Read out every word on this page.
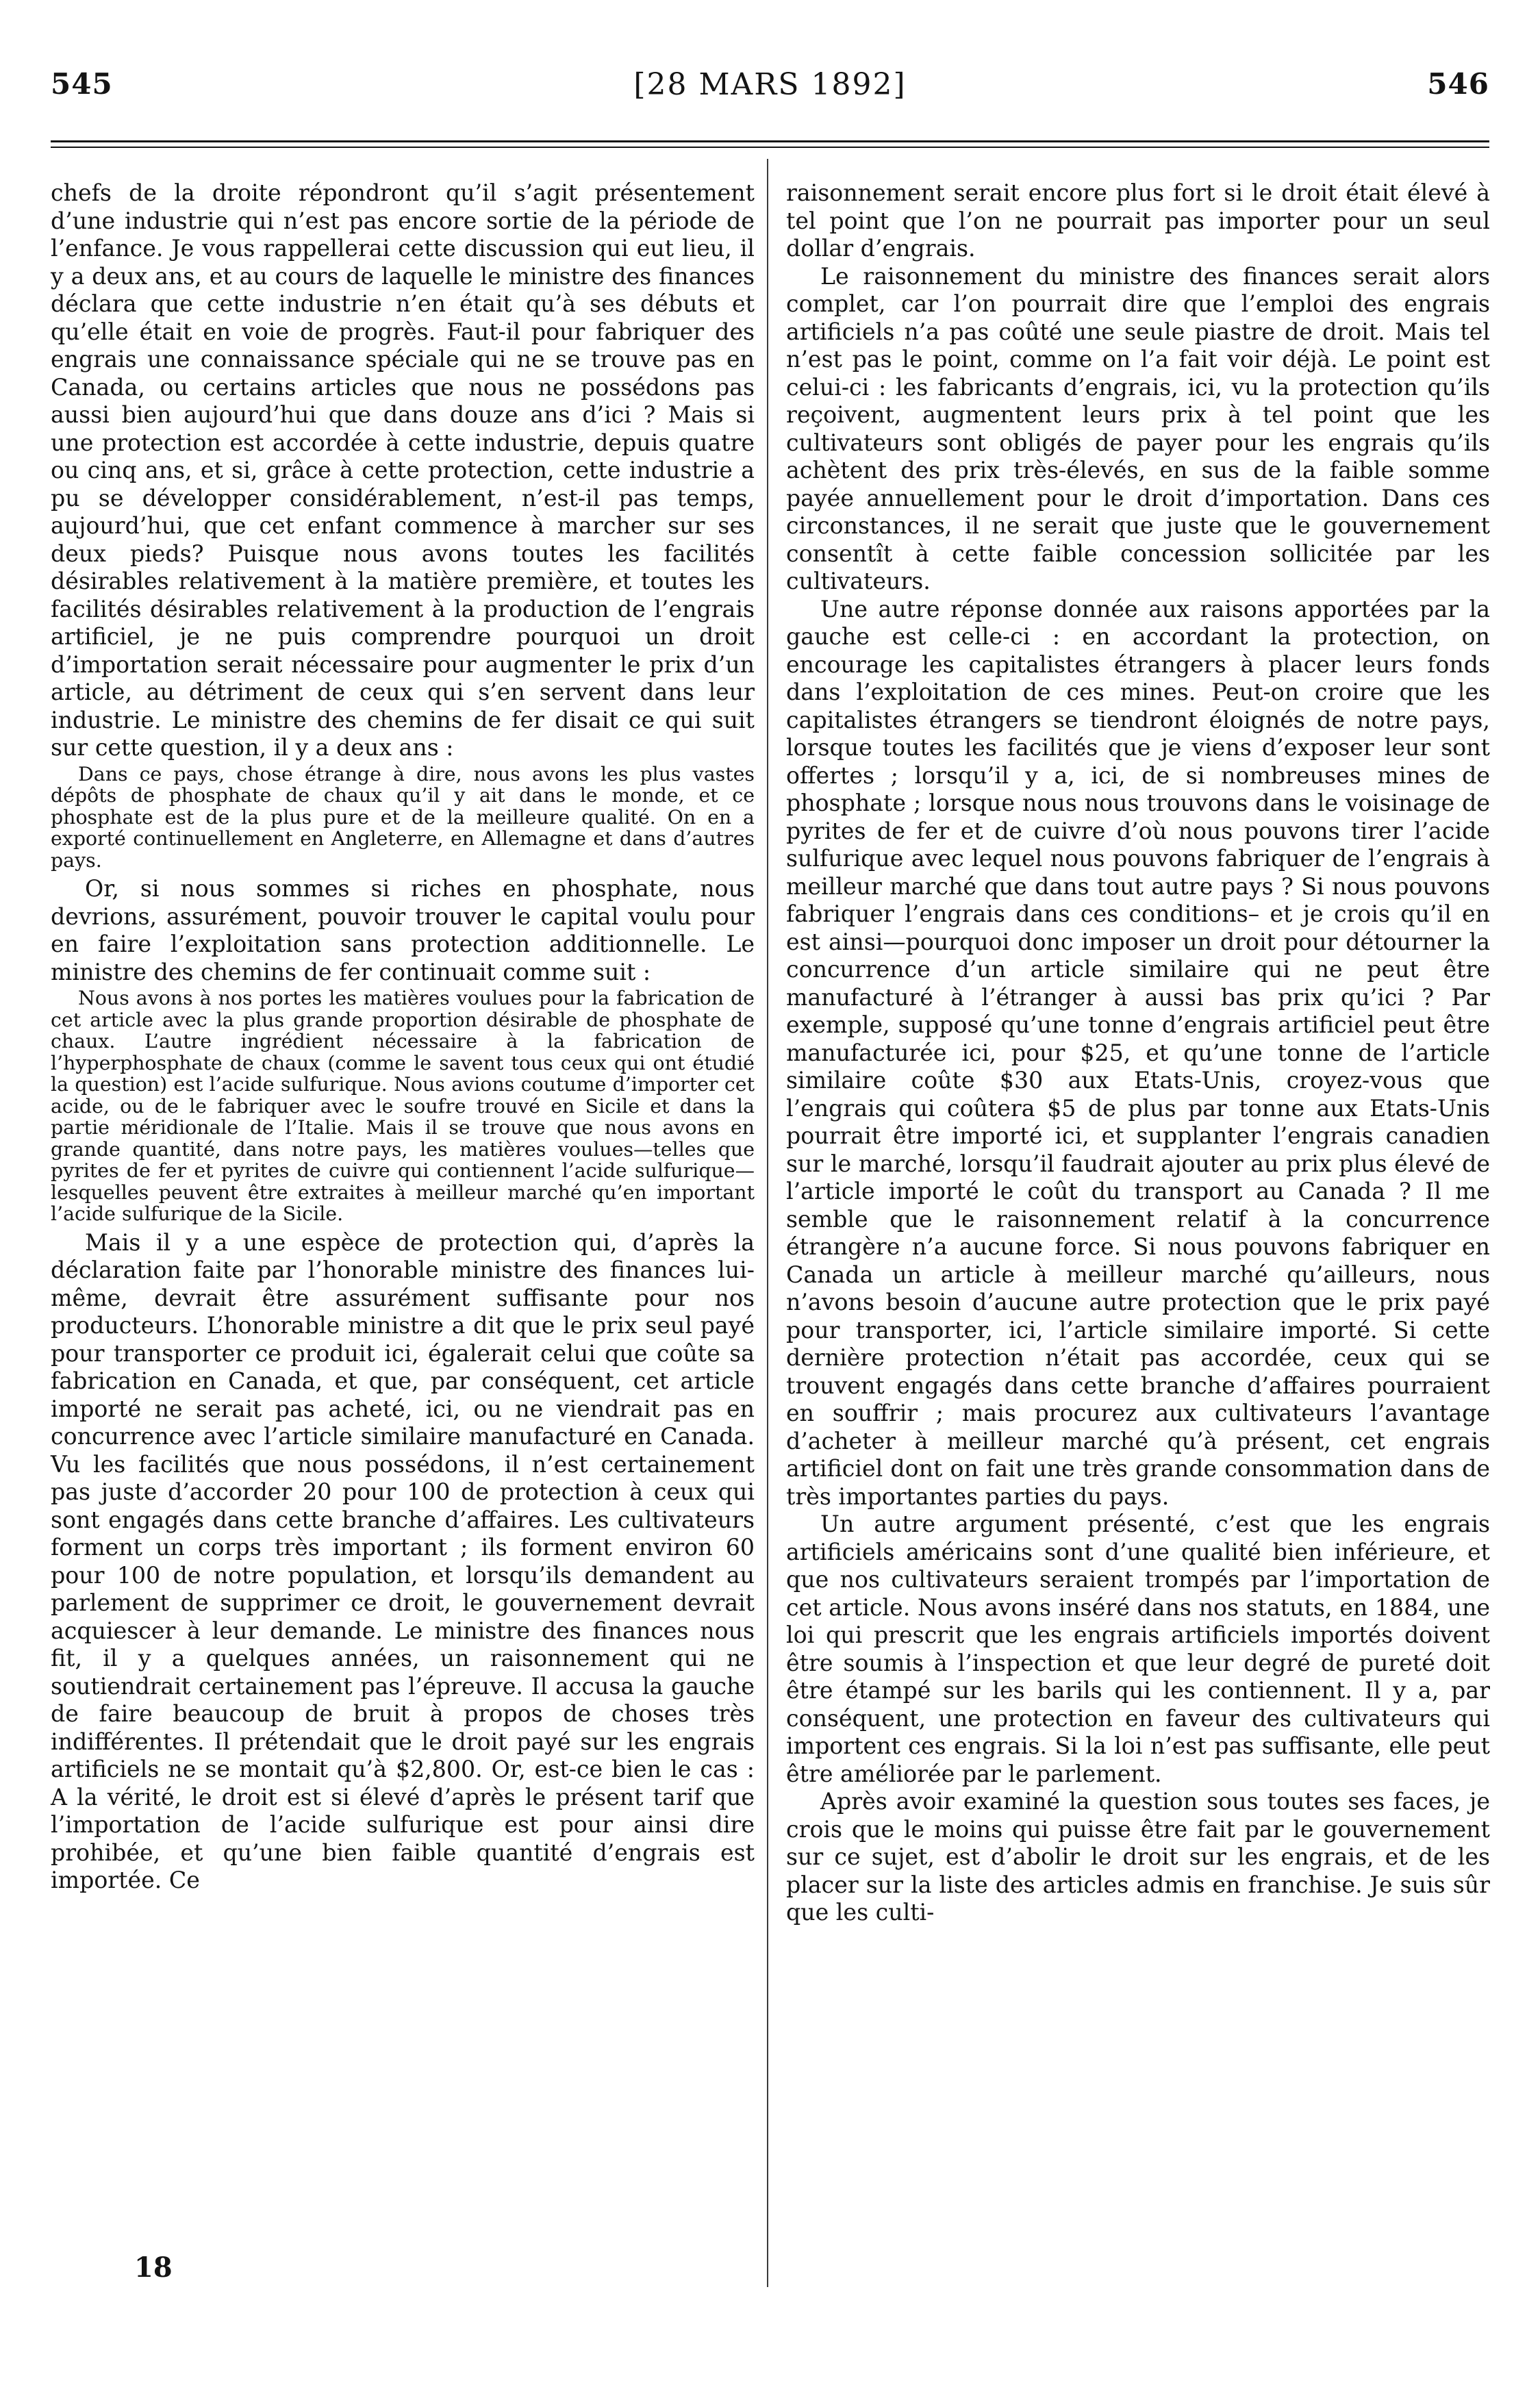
545	[28 MARS 1892]	546

chefs de la droite répondront qu’il s’agit présentement d’une industrie qui n’est pas encore sortie de la période de l’enfance. Je vous rappellerai cette discussion qui eut lieu, il y a deux ans, et au cours de laquelle le ministre des finances déclara que cette industrie n’en était qu’à ses débuts et qu’elle était en voie de progrès. Faut-il pour fabriquer des engrais une connaissance spéciale qui ne se trouve pas en Canada, ou certains articles que nous ne possédons pas aussi bien aujourd’hui que dans douze ans d’ici ? Mais si une protection est accordée à cette industrie, depuis quatre ou cinq ans, et si, grâce à cette protection, cette industrie a pu se développer considérablement, n’est-il pas temps, aujourd’hui, que cet enfant commence à marcher sur ses deux pieds? Puisque nous avons toutes les facilités désirables relativement à la matière première, et toutes les facilités désirables relativement à la production de l’engrais artificiel, je ne puis comprendre pourquoi un droit d’importation serait nécessaire pour augmenter le prix d’un article, au détriment de ceux qui s’en servent dans leur industrie. Le ministre des chemins de fer disait ce qui suit sur cette question, il y a deux ans :

Dans ce pays, chose étrange à dire, nous avons les plus vastes dépôts de phosphate de chaux qu’il y ait dans le monde, et ce phosphate est de la plus pure et de la meilleure qualité. On en a exporté continuellement en Angleterre, en Allemagne et dans d’autres pays.

Or, si nous sommes si riches en phosphate, nous devrions, assurément, pouvoir trouver le capital voulu pour en faire l’exploitation sans protection additionnelle. Le ministre des chemins de fer continuait comme suit :

Nous avons à nos portes les matières voulues pour la fabrication de cet article avec la plus grande proportion désirable de phosphate de chaux. L’autre ingrédient nécessaire à la fabrication de l’hyperphosphate de chaux (comme le savent tous ceux qui ont étudié la question) est l’acide sulfurique. Nous avions coutume d’importer cet acide, ou de le fabriquer avec le soufre trouvé en Sicile et dans la partie méridionale de l’Italie. Mais il se trouve que nous avons en grande quantité, dans notre pays, les matières voulues—telles que pyrites de fer et pyrites de cuivre qui contiennent l’acide sulfurique—lesquelles peuvent être extraites à meilleur marché qu’en important l’acide sulfurique de la Sicile.

Mais il y a une espèce de protection qui, d’après la déclaration faite par l’honorable ministre des finances lui-même, devrait être assurément suffisante pour nos producteurs. L’honorable ministre a dit que le prix seul payé pour transporter ce produit ici, égalerait celui que coûte sa fabrication en Canada, et que, par conséquent, cet article importé ne serait pas acheté, ici, ou ne viendrait pas en concurrence avec l’article similaire manufacturé en Canada. Vu les facilités que nous possédons, il n’est certainement pas juste d’accorder 20 pour 100 de protection à ceux qui sont engagés dans cette branche d’affaires. Les cultivateurs forment un corps très important ; ils forment environ 60 pour 100 de notre population, et lorsqu’ils demandent au parlement de supprimer ce droit, le gouvernement devrait acquiescer à leur demande. Le ministre des finances nous fit, il y a quelques années, un raisonnement qui ne soutiendrait certainement pas l’épreuve. Il accusa la gauche de faire beaucoup de bruit à propos de choses très indifférentes. Il prétendait que le droit payé sur les engrais artificiels ne se montait qu’à $2,800. Or, est-ce bien le cas : A la vérité, le droit est si élevé d’après le présent tarif que l’importation de l’acide sulfurique est pour ainsi dire prohibée, et qu’une bien faible quantité d’engrais est importée. Ce

raisonnement serait encore plus fort si le droit était élevé à tel point que l’on ne pourrait pas importer pour un seul dollar d’engrais.

Le raisonnement du ministre des finances serait alors complet, car l’on pourrait dire que l’emploi des engrais artificiels n’a pas coûté une seule piastre de droit. Mais tel n’est pas le point, comme on l’a fait voir déjà. Le point est celui-ci : les fabricants d’engrais, ici, vu la protection qu’ils reçoivent, augmentent leurs prix à tel point que les cultivateurs sont obligés de payer pour les engrais qu’ils achètent des prix très-élevés, en sus de la faible somme payée annuellement pour le droit d’importation. Dans ces circonstances, il ne serait que juste que le gouvernement consentît à cette faible concession sollicitée par les cultivateurs.

Une autre réponse donnée aux raisons apportées par la gauche est celle-ci : en accordant la protection, on encourage les capitalistes étrangers à placer leurs fonds dans l’exploitation de ces mines. Peut-on croire que les capitalistes étrangers se tiendront éloignés de notre pays, lorsque toutes les facilités que je viens d’exposer leur sont offertes ; lorsqu’il y a, ici, de si nombreuses mines de phosphate ; lorsque nous nous trouvons dans le voisinage de pyrites de fer et de cuivre d’où nous pouvons tirer l’acide sulfurique avec lequel nous pouvons fabriquer de l’engrais à meilleur marché que dans tout autre pays ? Si nous pouvons fabriquer l’engrais dans ces conditions– et je crois qu’il en est ainsi—pourquoi donc imposer un droit pour détourner la concurrence d’un article similaire qui ne peut être manufacturé à l’étranger à aussi bas prix qu’ici ? Par exemple, supposé qu’une tonne d’engrais artificiel peut être manufacturée ici, pour $25, et qu’une tonne de l’article similaire coûte $30 aux Etats-Unis, croyez-vous que l’engrais qui coûtera $5 de plus par tonne aux Etats-Unis pourrait être importé ici, et supplanter l’engrais canadien sur le marché, lorsqu’il faudrait ajouter au prix plus élevé de l’article importé le coût du transport au Canada ? Il me semble que le raisonnement relatif à la concurrence étrangère n’a aucune force. Si nous pouvons fabriquer en Canada un article à meilleur marché qu’ailleurs, nous n’avons besoin d’aucune autre protection que le prix payé pour transporter, ici, l’article similaire importé. Si cette dernière protection n’était pas accordée, ceux qui se trouvent engagés dans cette branche d’affaires pourraient en souffrir ; mais procurez aux cultivateurs l’avantage d’acheter à meilleur marché qu’à présent, cet engrais artificiel dont on fait une très grande consommation dans de très importantes parties du pays.

Un autre argument présenté, c’est que les engrais artificiels américains sont d’une qualité bien inférieure, et que nos cultivateurs seraient trompés par l’importation de cet article. Nous avons inséré dans nos statuts, en 1884, une loi qui prescrit que les engrais artificiels importés doivent être soumis à l’inspection et que leur degré de pureté doit être étampé sur les barils qui les contiennent. Il y a, par conséquent, une protection en faveur des cultivateurs qui importent ces engrais. Si la loi n’est pas suffisante, elle peut être améliorée par le parlement.

Après avoir examiné la question sous toutes ses faces, je crois que le moins qui puisse être fait par le gouvernement sur ce sujet, est d’abolir le droit sur les engrais, et de les placer sur la liste des articles admis en franchise. Je suis sûr que les culti-

18
